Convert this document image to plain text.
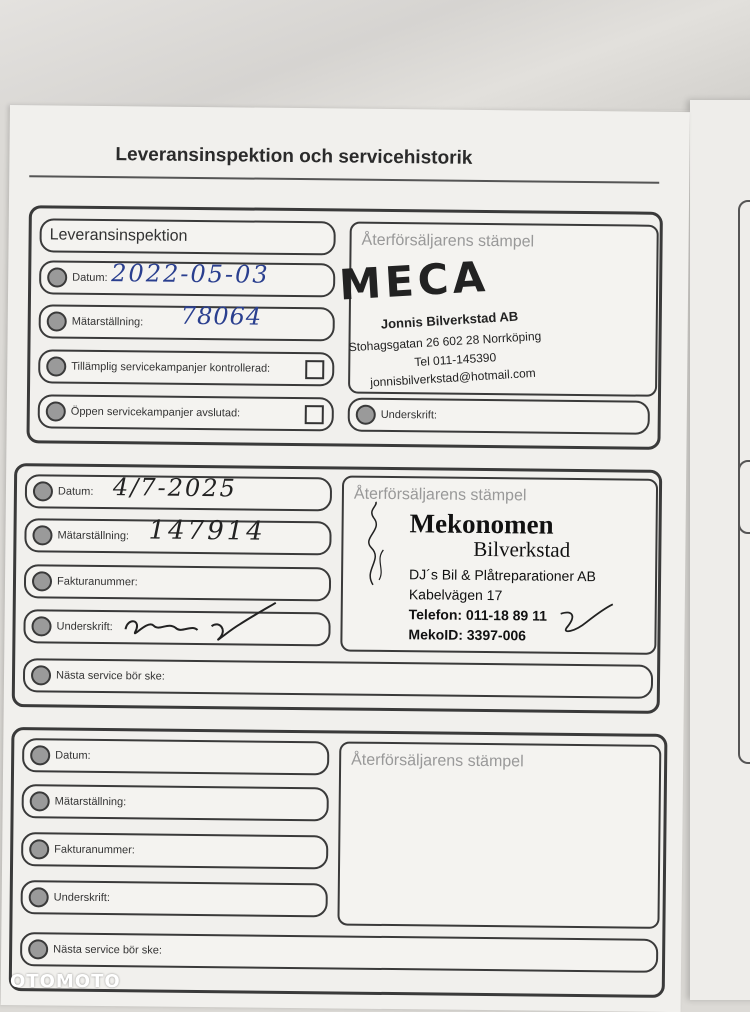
Leveransinspektion och servicehistorik
Leveransinspektion
Datum:
Mätarställning:
Tillämplig servicekampanjer kontrollerad:
Öppen servicekampanjer avslutad:
Återförsäljarens stämpel
MECA
Jonnis Bilverkstad AB
Stohagsgatan 26 602 28 Norrköping
Tel 011-145390
jonnisbilverkstad@hotmail.com
Underskrift:
2022-05-03
78064
Datum:
Mätarställning:
Fakturanummer:
Underskrift:
Nästa service bör ske:
Återförsäljarens stämpel
Mekonomen
Bilverkstad
DJ´s Bil & Plåtreparationer AB
Kabelvägen 17
Telefon: 011-18 89 11
MekoID: 3397-006
4/7-2025
147914
Datum:
Mätarställning:
Fakturanummer:
Underskrift:
Nästa service bör ske:
Återförsäljarens stämpel
OTOMOTO
